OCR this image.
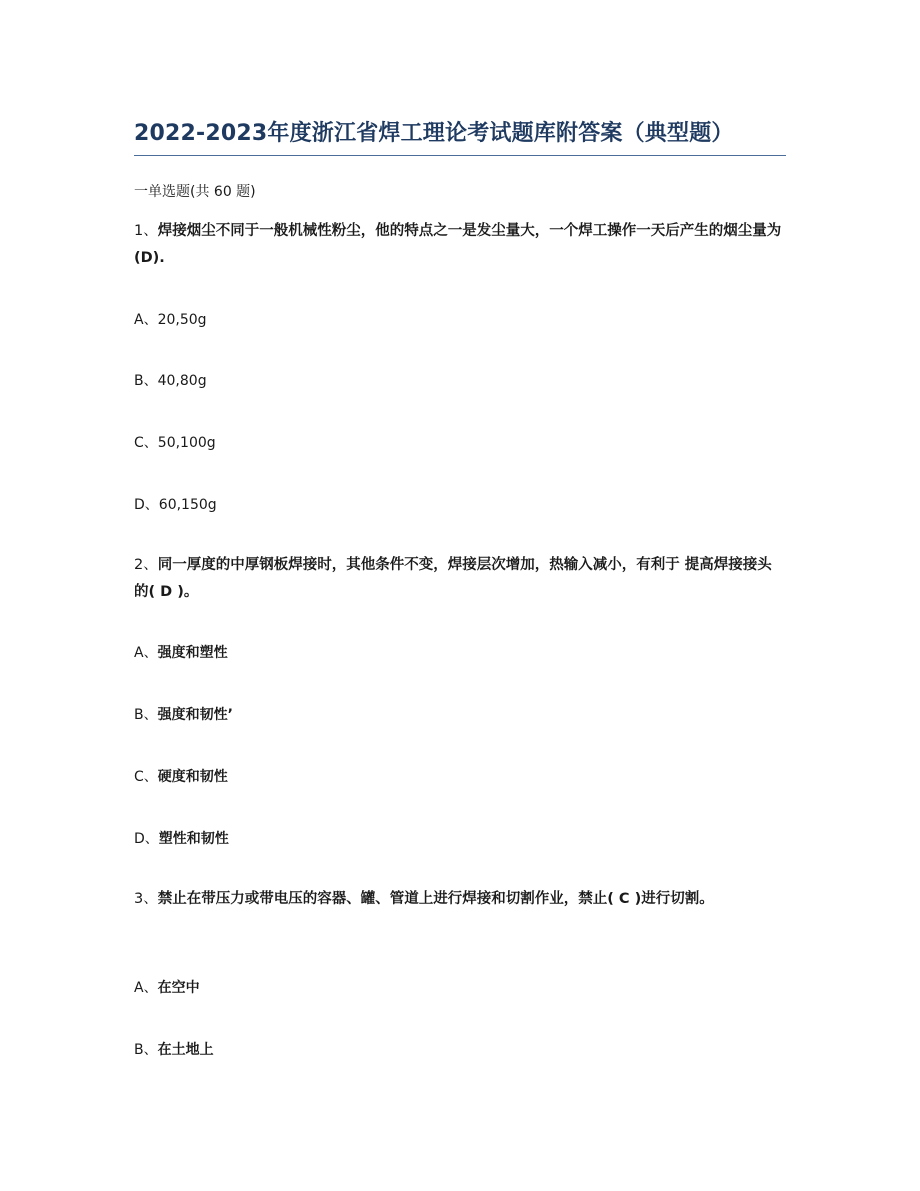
2022-2023年度浙江省焊工理论考试题库附答案（典型题）
一单选题(共 60 题)
1、焊接烟尘不同于一般机械性粉尘，他的特点之一是发尘量大，一个焊工操作一天后产生的烟尘量为(D).
A、20,50g
B、40,80g
C、50,100g
D、60,150g
2、同一厚度的中厚钢板焊接时，其他条件不变，焊接层次增加，热输入减小，有利于 提高焊接接头的( D )。
A、强度和塑性
B、强度和韧性’
C、硬度和韧性
D、塑性和韧性
3、禁止在带压力或带电压的容器、罐、管道上进行焊接和切割作业，禁止( C )进行切割。
A、在空中
B、在土地上
